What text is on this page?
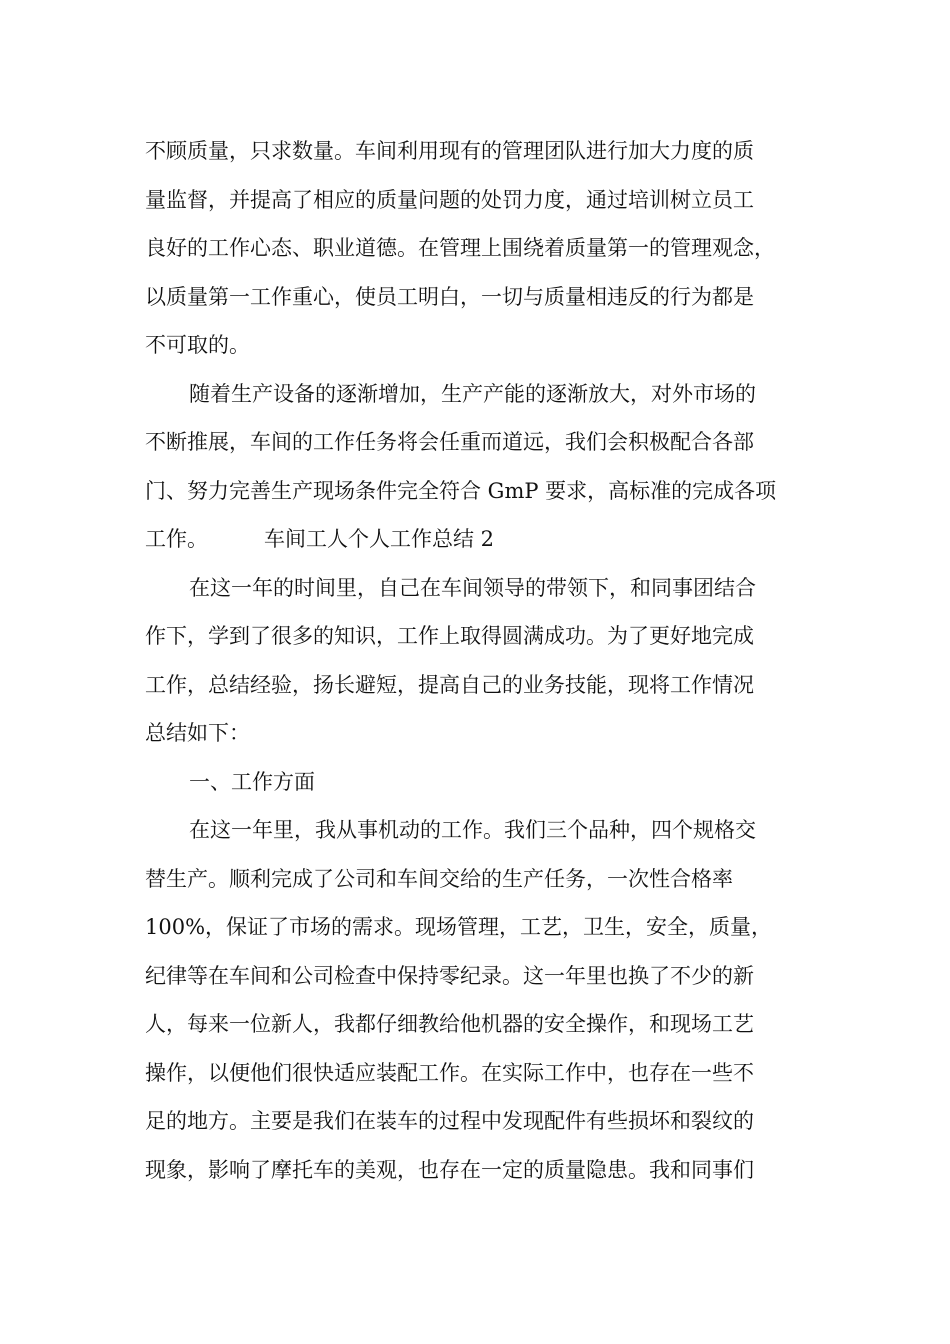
不顾质量，只求数量。车间利用现有的管理团队进行加大力度的质
量监督，并提高了相应的质量问题的处罚力度，通过培训树立员工
良好的工作心态、职业道德。在管理上围绕着质量第一的管理观念，
以质量第一工作重心，使员工明白，一切与质量相违反的行为都是
不可取的。
随着生产设备的逐渐增加，生产产能的逐渐放大，对外市场的
不断推展，车间的工作任务将会任重而道远，我们会积极配合各部
门、努力完善生产现场条件完全符合 GmP 要求，高标准的完成各项
工作。	车间工人个人工作总结 2
在这一年的时间里，自己在车间领导的带领下，和同事团结合
作下，学到了很多的知识，工作上取得圆满成功。为了更好地完成
工作，总结经验，扬长避短，提高自己的业务技能，现将工作情况
总结如下：
一、工作方面
在这一年里，我从事机动的工作。我们三个品种，四个规格交
替生产。顺利完成了公司和车间交给的生产任务，一次性合格率
100%，保证了市场的需求。现场管理，工艺，卫生，安全，质量，
纪律等在车间和公司检查中保持零纪录。这一年里也换了不少的新
人，每来一位新人，我都仔细教给他机器的安全操作，和现场工艺
操作，以便他们很快适应装配工作。在实际工作中，也存在一些不
足的地方。主要是我们在装车的过程中发现配件有些损坏和裂纹的
现象，影响了摩托车的美观，也存在一定的质量隐患。我和同事们
